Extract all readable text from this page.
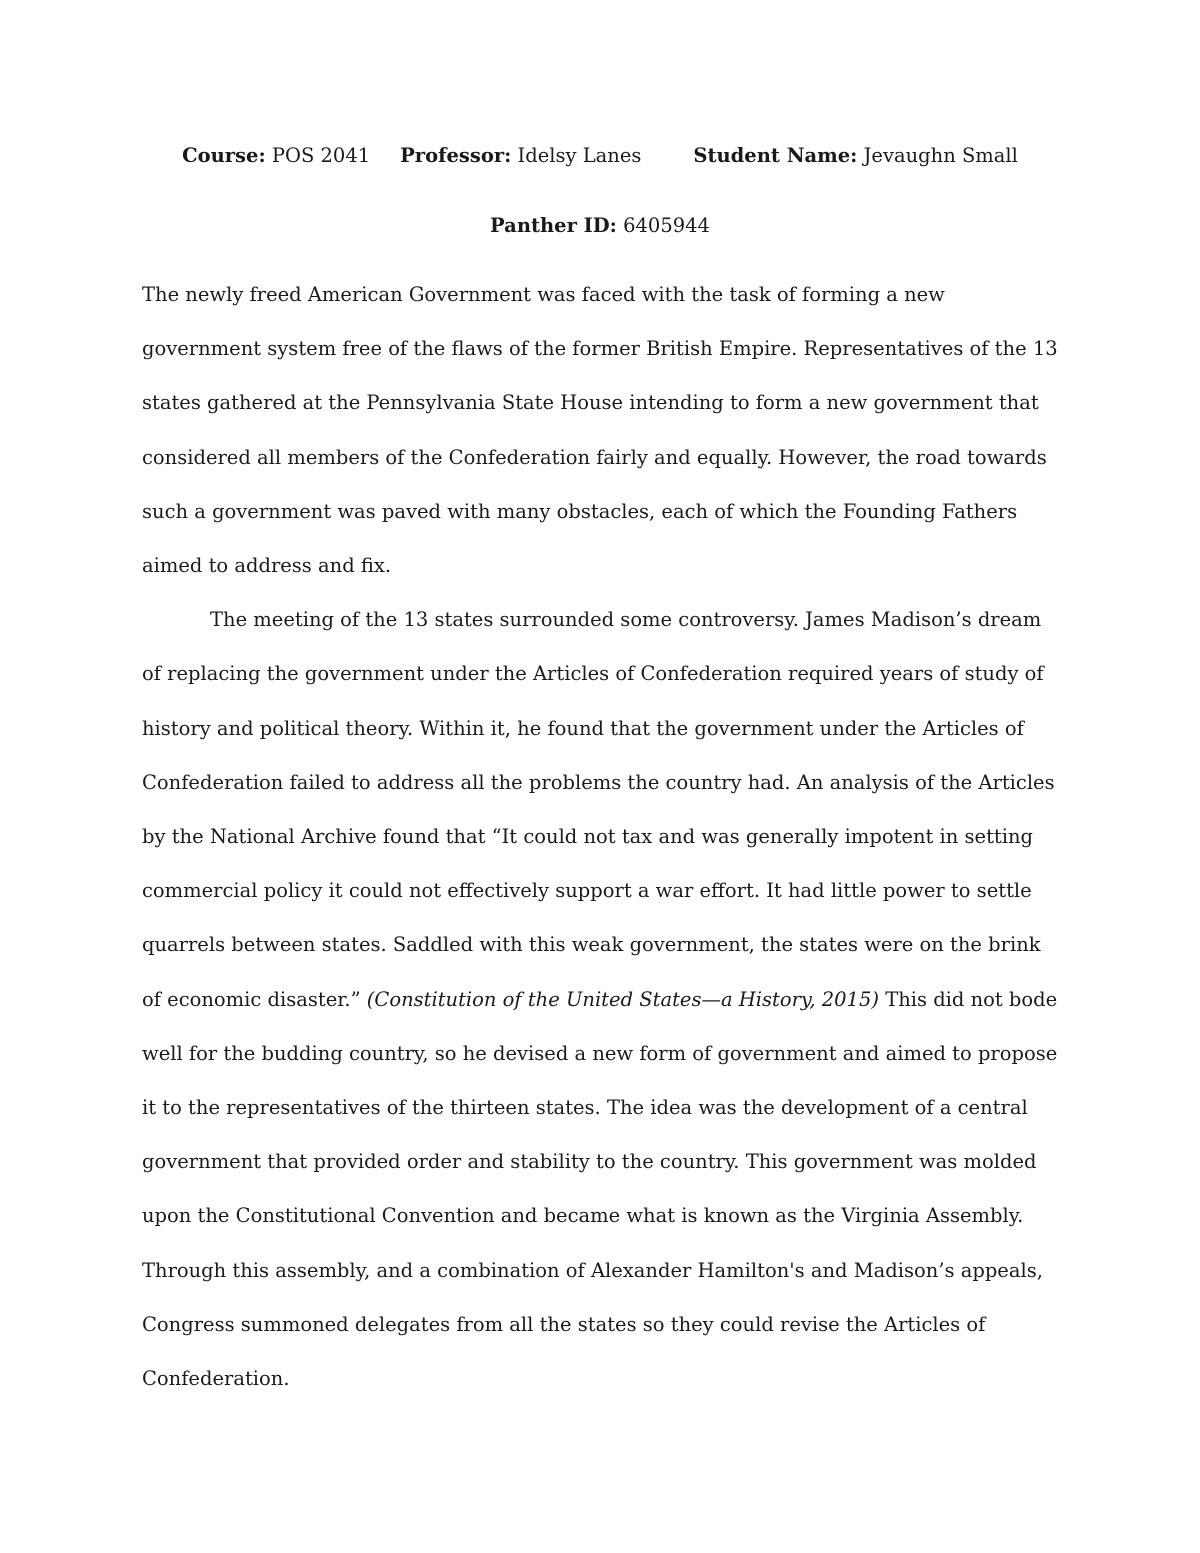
Course: POS 2041 Professor: Idelsy Lanes	Student Name: Jevaughn Small
Panther ID: 6405944

The newly freed American Government was faced with the task of forming a new government system free of the flaws of the former British Empire. Representatives of the 13 states gathered at the Pennsylvania State House intending to form a new government that considered all members of the Confederation fairly and equally. However, the road towards such a government was paved with many obstacles, each of which the Founding Fathers aimed to address and fix.

The meeting of the 13 states surrounded some controversy. James Madison’s dream of replacing the government under the Articles of Confederation required years of study of history and political theory. Within it, he found that the government under the Articles of Confederation failed to address all the problems the country had. An analysis of the Articles by the National Archive found that “It could not tax and was generally impotent in setting commercial policy it could not effectively support a war effort. It had little power to settle quarrels between states. Saddled with this weak government, the states were on the brink of economic disaster.” (Constitution of the United States—a History, 2015) This did not bode well for the budding country, so he devised a new form of government and aimed to propose it to the representatives of the thirteen states. The idea was the development of a central government that provided order and stability to the country. This government was molded upon the Constitutional Convention and became what is known as the Virginia Assembly. Through this assembly, and a combination of Alexander Hamilton's and Madison’s appeals, Congress summoned delegates from all the states so they could revise the Articles of Confederation.
